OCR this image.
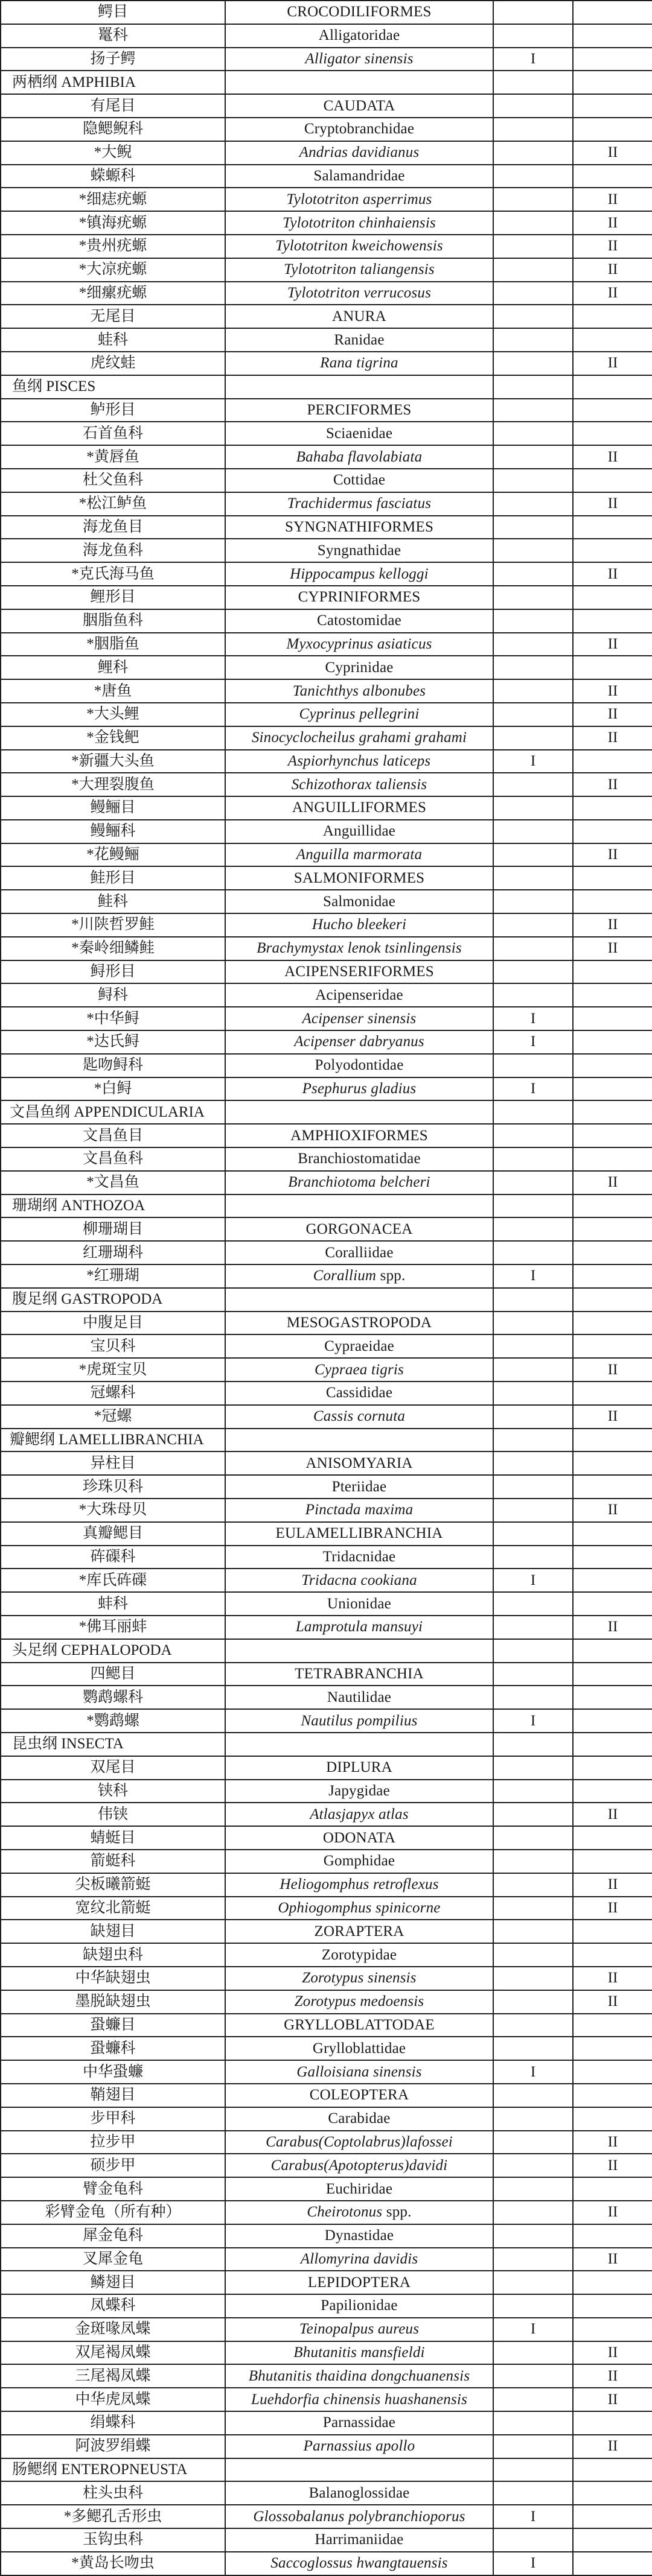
鳄目	CROCODILIFORMES		
鼍科	Alligatoridae		
扬子鳄	Alligator sinensis	I	
两栖纲 AMPHIBIA			
有尾目	CAUDATA		
隐鳃鲵科	Cryptobranchidae		
*大鲵	Andrias davidianus		II
蝾螈科	Salamandridae		
*细痣疣螈	Tylototriton asperrimus		II
*镇海疣螈	Tylototriton chinhaiensis		II
*贵州疣螈	Tylototriton kweichowensis		II
*大凉疣螈	Tylototriton taliangensis		II
*细瘰疣螈	Tylototriton verrucosus		II
无尾目	ANURA		
蛙科	Ranidae		
虎纹蛙	Rana tigrina		II
鱼纲 PISCES			
鲈形目	PERCIFORMES		
石首鱼科	Sciaenidae		
*黄唇鱼	Bahaba flavolabiata		II
杜父鱼科	Cottidae		
*松江鲈鱼	Trachidermus fasciatus		II
海龙鱼目	SYNGNATHIFORMES		
海龙鱼科	Syngnathidae		
*克氏海马鱼	Hippocampus kelloggi		II
鲤形目	CYPRINIFORMES		
胭脂鱼科	Catostomidae		
*胭脂鱼	Myxocyprinus asiaticus		II
鲤科	Cyprinidae		
*唐鱼	Tanichthys albonubes		II
*大头鲤	Cyprinus pellegrini		II
*金钱鲃	Sinocyclocheilus grahami grahami		II
*新疆大头鱼	Aspiorhynchus laticeps	I	
*大理裂腹鱼	Schizothorax taliensis		II
鳗鲡目	ANGUILLIFORMES		
鳗鲡科	Anguillidae		
*花鳗鲡	Anguilla marmorata		II
鲑形目	SALMONIFORMES		
鲑科	Salmonidae		
*川陕哲罗鲑	Hucho bleekeri		II
*秦岭细鳞鲑	Brachymystax lenok tsinlingensis		II
鲟形目	ACIPENSERIFORMES		
鲟科	Acipenseridae		
*中华鲟	Acipenser sinensis	I	
*达氏鲟	Acipenser dabryanus	I	
匙吻鲟科	Polyodontidae		
*白鲟	Psephurus gladius	I	
文昌鱼纲 APPENDICULARIA			
文昌鱼目	AMPHIOXIFORMES		
文昌鱼科	Branchiostomatidae		
*文昌鱼	Branchiotoma belcheri		II
珊瑚纲 ANTHOZOA			
柳珊瑚目	GORGONACEA		
红珊瑚科	Coralliidae		
*红珊瑚	Corallium spp.	I	
腹足纲 GASTROPODA			
中腹足目	MESOGASTROPODA		
宝贝科	Cypraeidae		
*虎斑宝贝	Cypraea tigris		II
冠螺科	Cassididae		
*冠螺	Cassis cornuta		II
瓣鳃纲 LAMELLIBRANCHIA			
异柱目	ANISOMYARIA		
珍珠贝科	Pteriidae		
*大珠母贝	Pinctada maxima		II
真瓣鳃目	EULAMELLIBRANCHIA		
砗磲科	Tridacnidae		
*库氏砗磲	Tridacna cookiana	I	
蚌科	Unionidae		
*佛耳丽蚌	Lamprotula mansuyi		II
头足纲 CEPHALOPODA			
四鳃目	TETRABRANCHIA		
鹦鹉螺科	Nautilidae		
*鹦鹉螺	Nautilus pompilius	I	
昆虫纲 INSECTA			
双尾目	DIPLURA		
铗科	Japygidae		
伟铗	Atlasjapyx atlas		II
蜻蜓目	ODONATA		
箭蜓科	Gomphidae		
尖板曦箭蜓	Heliogomphus retroflexus		II
宽纹北箭蜓	Ophiogomphus spinicorne		II
缺翅目	ZORAPTERA		
缺翅虫科	Zorotypidae		
中华缺翅虫	Zorotypus sinensis		II
墨脱缺翅虫	Zorotypus medoensis		II
蛩蠊目	GRYLLOBLATTODAE		
蛩蠊科	Grylloblattidae		
中华蛩蠊	Galloisiana sinensis	I	
鞘翅目	COLEOPTERA		
步甲科	Carabidae		
拉步甲	Carabus(Coptolabrus)lafossei		II
硕步甲	Carabus(Apotopterus)davidi		II
臂金龟科	Euchiridae		
彩臂金龟（所有种）	Cheirotonus spp.		II
犀金龟科	Dynastidae		
叉犀金龟	Allomyrina davidis		II
鳞翅目	LEPIDOPTERA		
凤蝶科	Papilionidae		
金斑喙凤蝶	Teinopalpus aureus	I	
双尾褐凤蝶	Bhutanitis mansfieldi		II
三尾褐凤蝶	Bhutanitis thaidina dongchuanensis		II
中华虎凤蝶	Luehdorfia chinensis huashanensis		II
绢蝶科	Parnassidae		
阿波罗绢蝶	Parnassius apollo		II
肠鳃纲 ENTEROPNEUSTA			
柱头虫科	Balanoglossidae		
*多鳃孔舌形虫	Glossobalanus polybranchioporus	I	
玉钩虫科	Harrimaniidae		
*黄岛长吻虫	Saccoglossus hwangtauensis	I	
